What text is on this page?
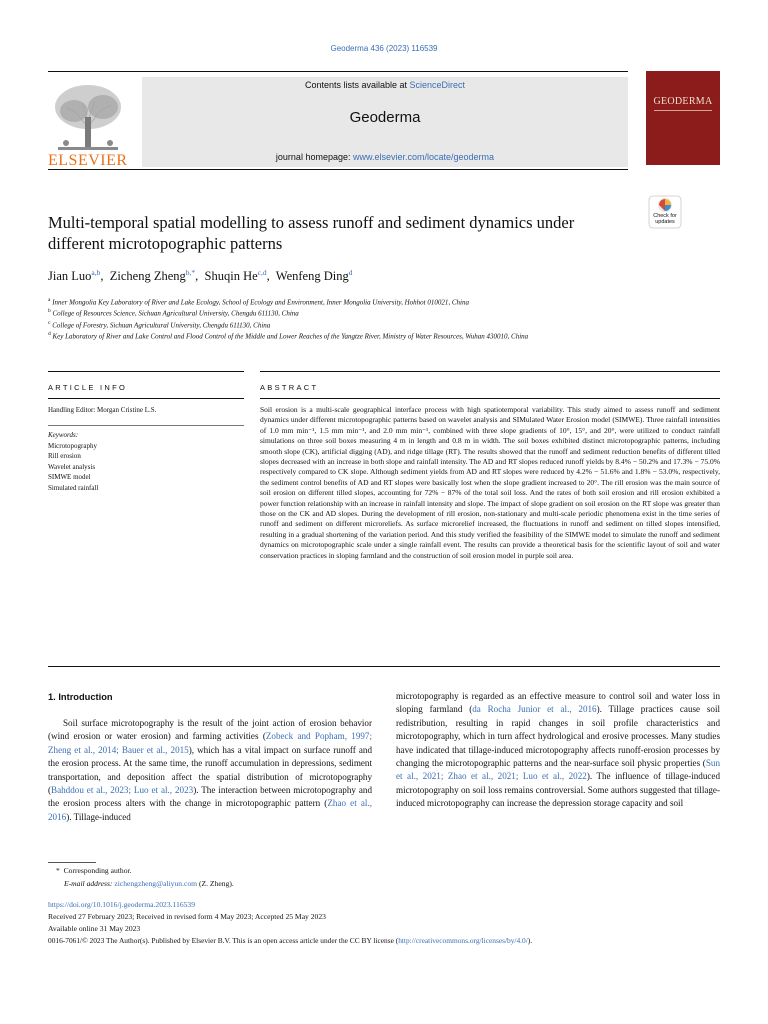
Geoderma 436 (2023) 116539
ELSEVIER
Contents lists available at ScienceDirect
Geoderma
journal homepage: www.elsevier.com/locate/geoderma
GEODERMA
Check for updates
Multi-temporal spatial modelling to assess runoff and sediment dynamics under different microtopographic patterns
Jian Luo$^{a,b}$,  Zicheng Zheng$^{b,*}$,  Shuqin He$^{c,d}$,  Wenfeng Ding$^d$
$^a$ Inner Mongolia Key Laboratory of River and Lake Ecology, School of Ecology and Environment, Inner Mongolia University, Hohhot 010021, China
$^b$ College of Resources Science, Sichuan Agricultural University, Chengdu 611130, China
$^c$ College of Forestry, Sichuan Agricultural University, Chengdu 611130, China
$^d$ Key Laboratory of River and Lake Control and Flood Control of the Middle and Lower Reaches of the Yangtze River, Ministry of Water Resources, Wuhan 430010, China
ARTICLE INFO
Handling Editor: Morgan Cristine L.S.
Keywords:
Microtopography
Rill erosion
Wavelet analysis
SIMWE model
Simulated rainfall
ABSTRACT
Soil erosion is a multi-scale geographical interface process with high spatiotemporal variability. This study aimed to assess runoff and sediment dynamics under different microtopographic patterns based on wavelet analysis and SIMulated Water Erosion model (SIMWE). Three rainfall intensities of 1.0 mm min⁻¹, 1.5 mm min⁻¹, and 2.0 mm min⁻¹, combined with three slope gradients of 10°, 15°, and 20°, were utilized to conduct rainfall simulations on three soil boxes measuring 4 m in length and 0.8 m in width. The soil boxes exhibited distinct microtopographic patterns, including smooth slope (CK), artificial digging (AD), and ridge tillage (RT). The results showed that the runoff and sediment reduction benefits of different tilled slopes decreased with an increase in both slope and rainfall intensity. The AD and RT slopes reduced runoff yields by 8.4% − 50.2% and 17.3% − 75.0% respectively compared to CK slope. Although sediment yields from AD and RT slopes were reduced by 4.2% − 51.6% and 1.8% − 53.0%, respectively, the sediment control benefits of AD and RT slopes were basically lost when the slope gradient increased to 20°. The rill erosion was the main source of soil erosion on different tilled slopes, accounting for 72% − 87% of the total soil loss. And the rates of both soil erosion and rill erosion exhibited a power function relationship with an increase in rainfall intensity and slope. The impact of slope gradient on soil erosion on the RT slope was greater than those on the CK and AD slopes. During the development of rill erosion, non-stationary and multi-scale periodic phenomena exist in the time series of runoff and sediment on different microreliefs. As surface microrelief increased, the fluctuations in runoff and sediment on tilled slopes intensified, resulting in a gradual shortening of the variation period. And this study verified the feasibility of the SIMWE model to simulate the runoff and sediment dynamics on microtopographic scale under a single rainfall event. The results can provide a theoretical basis for the scientific layout of soil and water conservation practices in sloping farmland and the construction of soil erosion model in purple soil area.
1. Introduction
Soil surface microtopography is the result of the joint action of erosion behavior (wind erosion or water erosion) and farming activities (Zobeck and Popham, 1997; Zheng et al., 2014; Bauer et al., 2015), which has a vital impact on surface runoff and the erosion process. At the same time, the runoff accumulation in depressions, sediment transportation, and deposition affect the spatial distribution of microtopography (Bahddou et al., 2023; Luo et al., 2023). The interaction between microtopography and the erosion process alters with the change in microtopographic pattern (Zhao et al., 2016). Tillage-induced
microtopography is regarded as an effective measure to control soil and water loss in sloping farmland (da Rocha Junior et al., 2016). Tillage practices cause soil redistribution, resulting in rapid changes in soil profile characteristics and microtopography, which in turn affect hydrological and erosive processes. Many studies have indicated that tillage-induced microtopography affects runoff-erosion processes by changing the microtopographic patterns and the near-surface soil physic properties (Sun et al., 2021; Zhao et al., 2021; Luo et al., 2022). The influence of tillage-induced microtopography on soil loss remains controversial. Some authors suggested that tillage-induced microtopography can increase the depression storage capacity and soil
* Corresponding author.
E-mail address: zichengzheng@aliyun.com (Z. Zheng).
https://doi.org/10.1016/j.geoderma.2023.116539
Received 27 February 2023; Received in revised form 4 May 2023; Accepted 25 May 2023
Available online 31 May 2023
0016-7061/© 2023 The Author(s). Published by Elsevier B.V. This is an open access article under the CC BY license (http://creativecommons.org/licenses/by/4.0/).
